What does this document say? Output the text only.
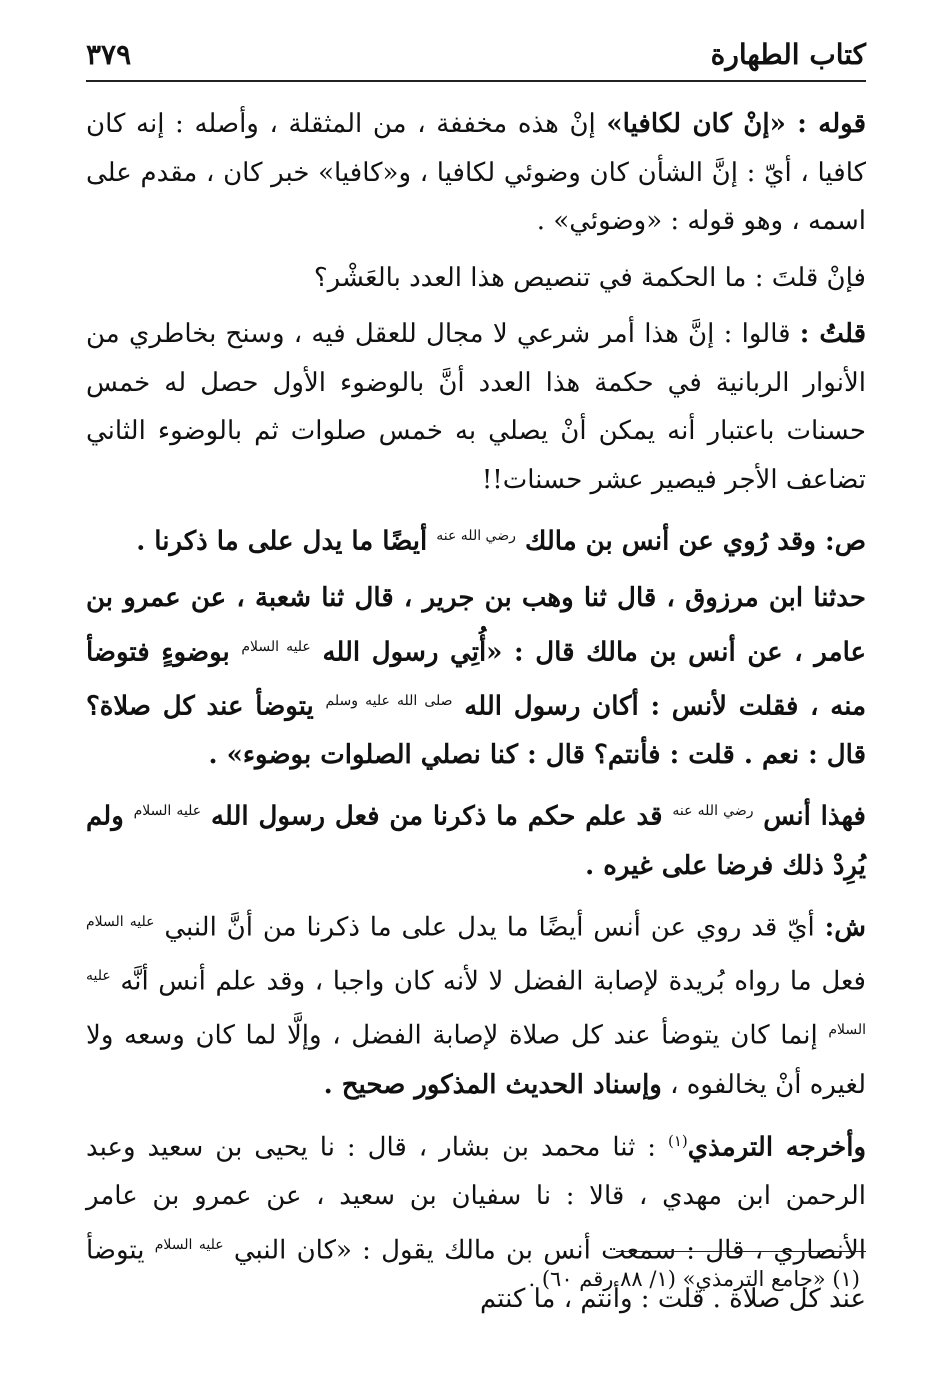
كتاب الطهارة
٣٧٩

قوله : «إنْ كان لكافيا» إنْ هذه مخففة ، من المثقلة ، وأصله : إنه كان كافيا ، أيّ : إنَّ الشأن كان وضوئي لكافيا ، و«كافيا» خبر كان ، مقدم على اسمه ، وهو قوله : «وضوئي» .

فإنْ قلتَ : ما الحكمة في تنصيص هذا العدد بالعَشْر؟

قلتُ : قالوا : إنَّ هذا أمر شرعي لا مجال للعقل فيه ، وسنح بخاطري من الأنوار الربانية في حكمة هذا العدد أنَّ بالوضوء الأول حصل له خمس حسنات باعتبار أنه يمكن أنْ يصلي به خمس صلوات ثم بالوضوء الثاني تضاعف الأجر فيصير عشر حسنات!!

ص: وقد رُوي عن أنس بن مالك $^{رضي الله عنه}$ أيضًا ما يدل على ما ذكرنا .

حدثنا ابن مرزوق ، قال ثنا وهب بن جرير ، قال ثنا شعبة ، عن عمرو بن عامر ، عن أنس بن مالك قال : «أُتِي رسول الله $^{عليه السلام}$ بوضوءٍ فتوضأ منه ، فقلت لأنس : أكان رسول الله $^{صلى الله عليه وسلم}$ يتوضأ عند كل صلاة؟ قال : نعم . قلت : فأنتم؟ قال : كنا نصلي الصلوات بوضوء» .

فهذا أنس $^{رضي الله عنه}$ قد علم حكم ما ذكرنا من فعل رسول الله $^{عليه السلام}$ ولم يُرِدْ ذلك فرضا على غيره .

ش: أيّ قد روي عن أنس أيضًا ما يدل على ما ذكرنا من أنَّ النبي $^{عليه السلام}$ فعل ما رواه بُريدة لإصابة الفضل لا لأنه كان واجبا ، وقد علم أنس أنَّه $^{عليه السلام}$ إنما كان يتوضأ عند كل صلاة لإصابة الفضل ، وإلَّا لما كان وسعه ولا لغيره أنْ يخالفوه ، وإسناد الحديث المذكور صحيح .

وأخرجه الترمذي$^{(١)}$ : ثنا محمد بن بشار ، قال : نا يحيى بن سعيد وعبد الرحمن ابن مهدي ، قالا : نا سفيان بن سعيد ، عن عمرو بن عامر الأنصاري ، قال : سمعت أنس بن مالك يقول : «كان النبي $^{عليه السلام}$ يتوضأ عند كل صلاة . قلت : وأنتم ، ما كنتم

(١) «جامع الترمذي» (١/ ٨٨ رقم ٦٠) .
